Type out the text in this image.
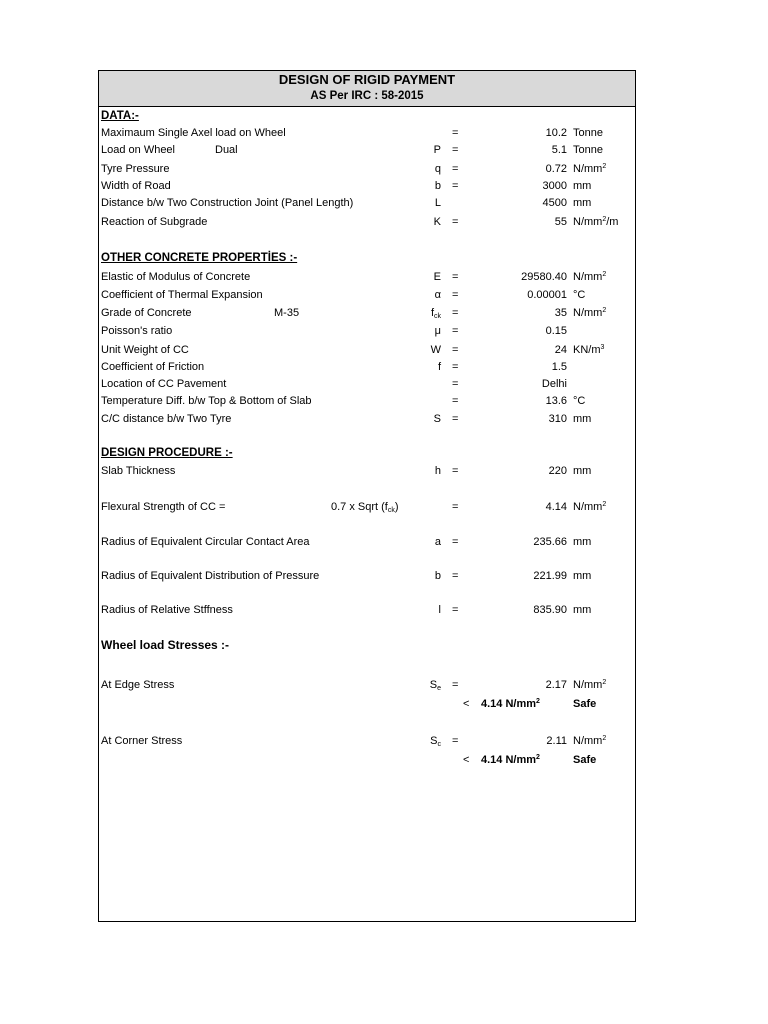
DESIGN OF RIGID PAYMENT
AS Per IRC : 58-2015
DATA:-
Maximaum Single Axel load on Wheel	=	10.2 Tonne
Load on Wheel	Dual	P =	5.1 Tonne
Tyre Pressure	q =	0.72 $N/mm^2$
Width of Road	b =	3000 mm
Distance b/w Two Construction Joint (Panel Length)	L	4500 mm
Reaction of Subgrade	K =	55 $N/mm^2/m$
OTHER CONCRETE PROPERTİES :-
Elastic of Modulus of Concrete	E =	29580.40 $N/mm^2$
Coefficient of Thermal Expansion	α =	0.00001 °C
Grade of Concrete	M-35	$f_{ck}$ =	35 $N/mm^2$
Poisson's ratio	μ =	0.15
Unit Weight of CC	W =	24 $KN/m^3$
Coefficient of Friction	f =	1.5
Location of CC Pavement	=	Delhi
Temperature Diff. b/w Top & Bottom of Slab	=	13.6 °C
C/C distance b/w Two Tyre	S =	310 mm
DESIGN PROCEDURE :-
Slab Thickness	h =	220 mm
Flexural Strength of CC =	0.7 x Sqrt $(f_{ck})$	=	4.14 $N/mm^2$
Radius of Equivalent Circular Contact Area	a =	235.66 mm
Radius of Equivalent Distribution of Pressure	b =	221.99 mm
Radius of Relative Stffness	l =	835.90 mm
Wheel load Stresses :-
At Edge Stress	$S_e$ =	2.17 $N/mm^2$
< 4.14 $N/mm^2$	Safe
At Corner Stress	$S_c$ =	2.11 $N/mm^2$
< 4.14 $N/mm^2$	Safe
